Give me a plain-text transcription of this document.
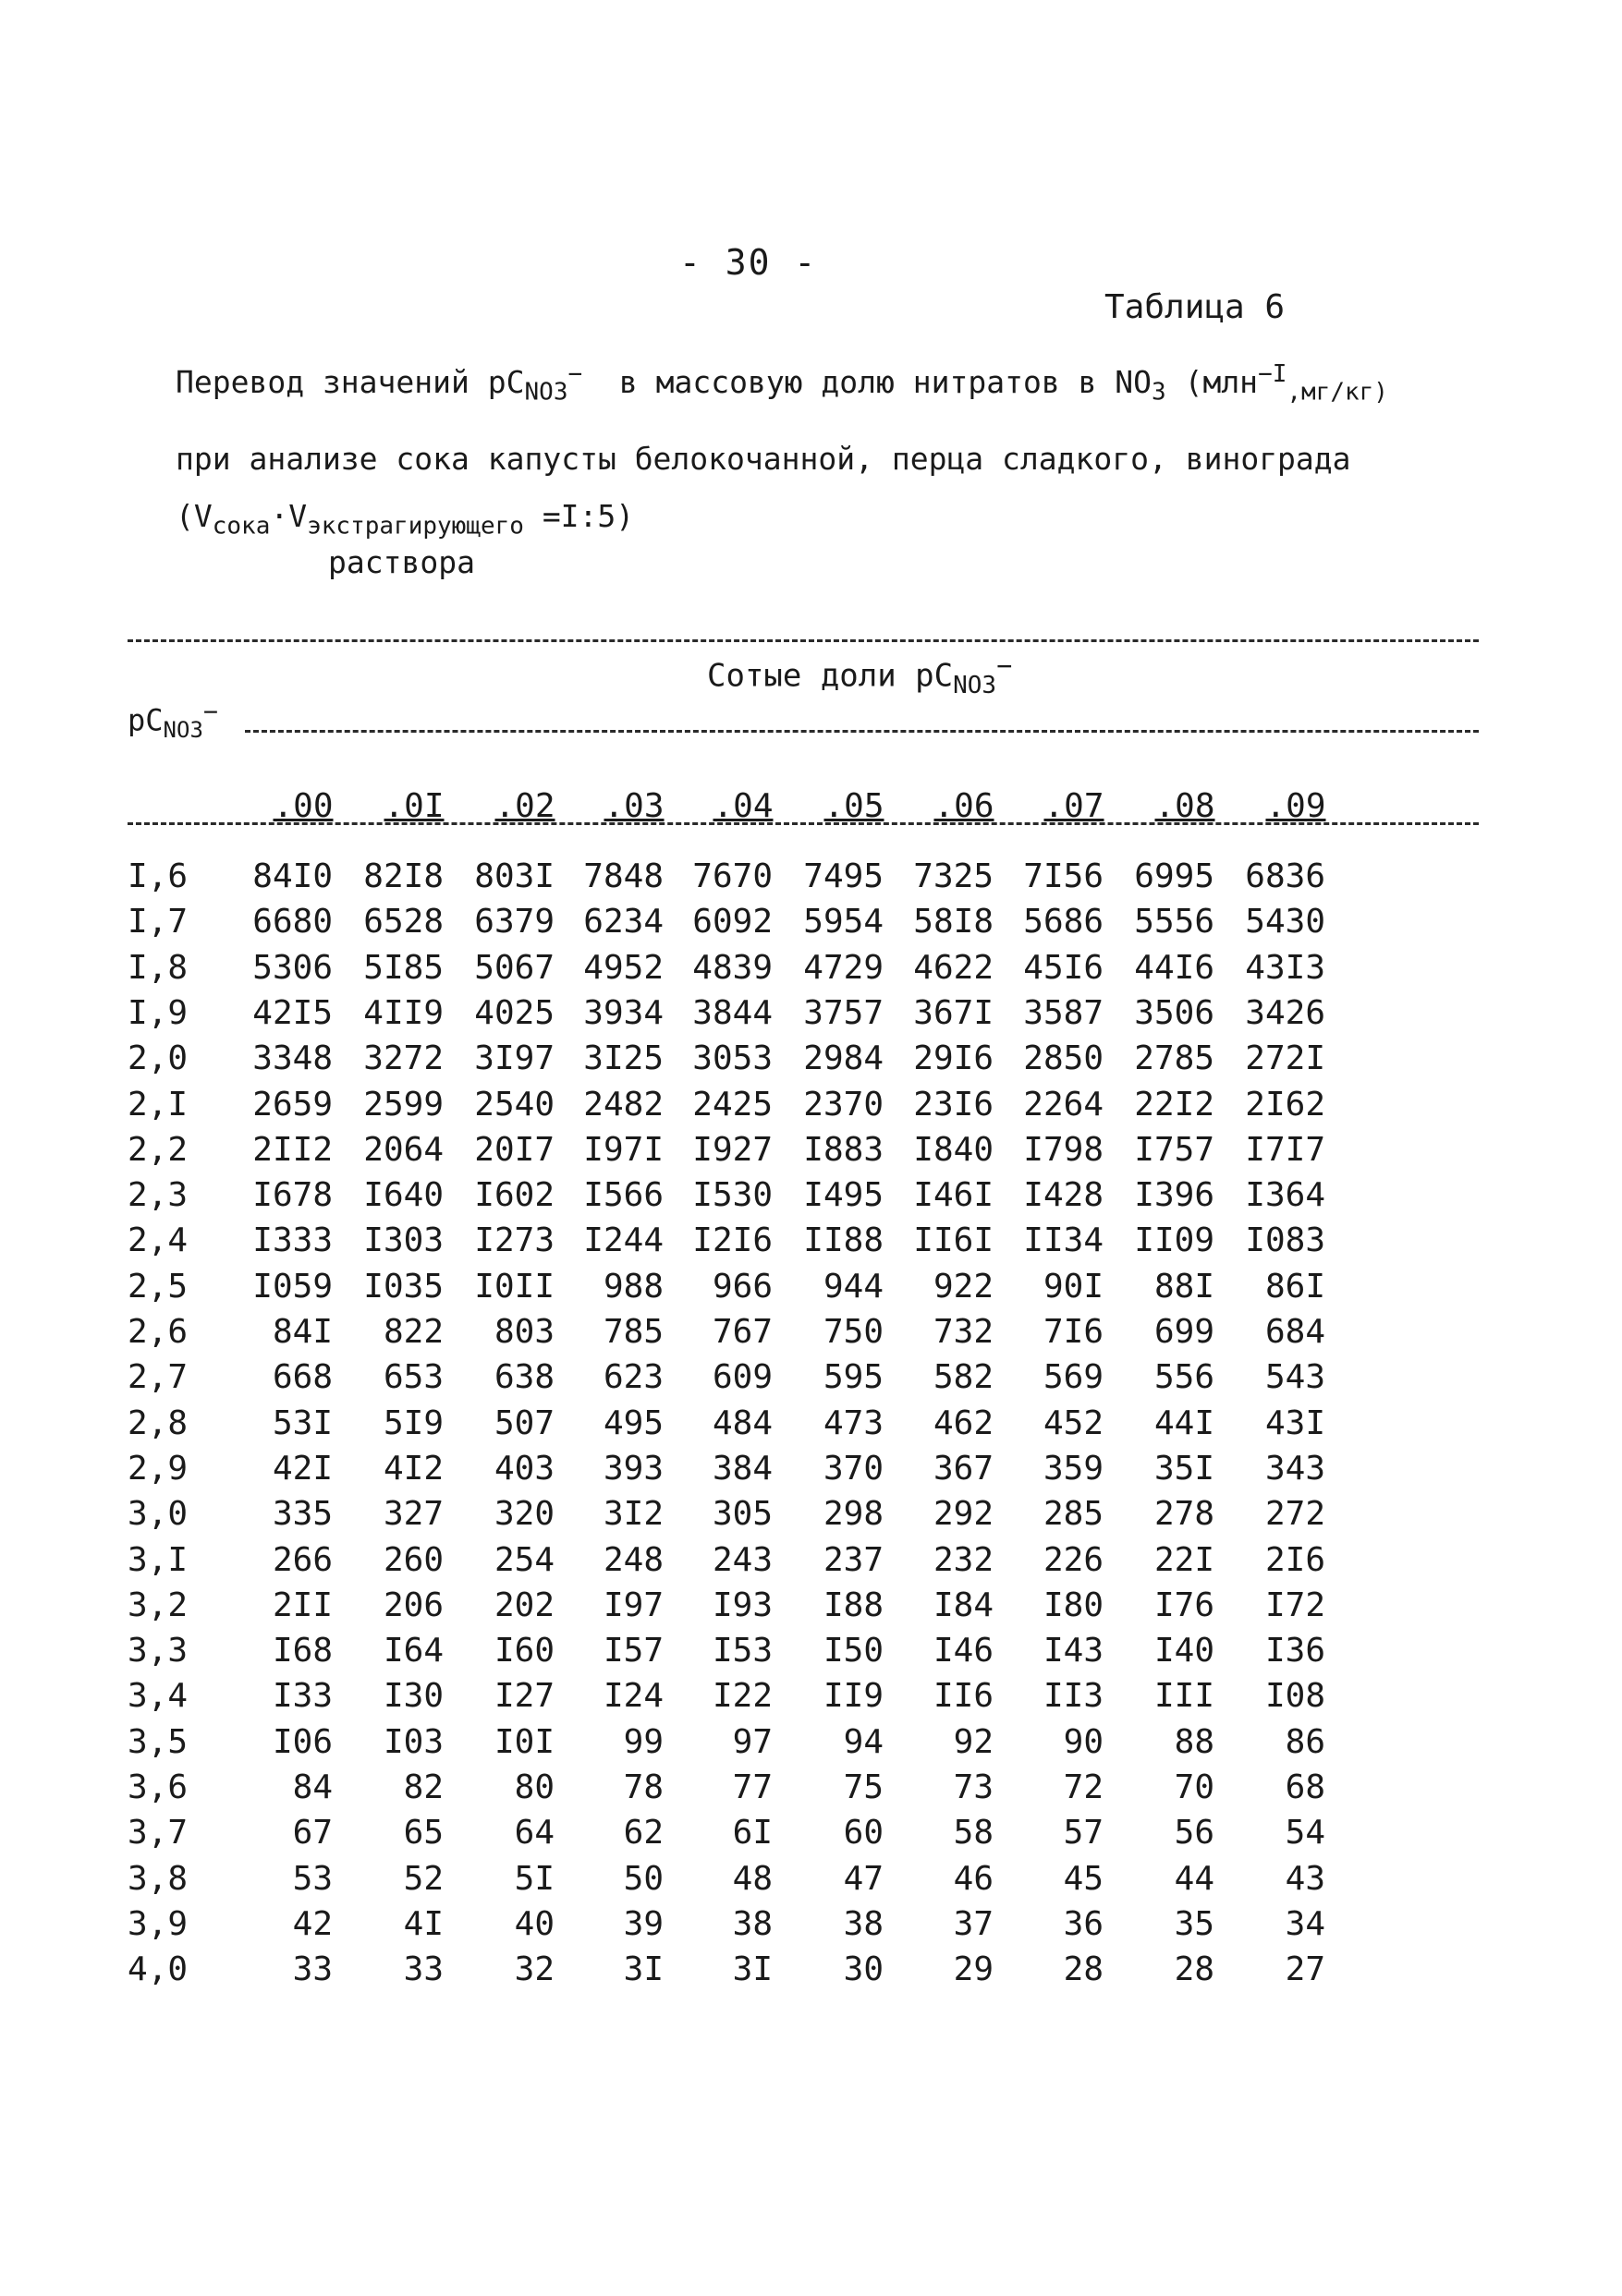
- 30 -
Таблица 6
Перевод значений $pC_{NO3}^-$ в массовую долю нитратов в $NO_3$ (млн$^{-I}_{,мг/кг)}$
при анализе сока капусты белокочанной, перца сладкого, винограда
($V_{сока}\cdot V_{экстрагирующего}$ =I:5)
раствора
Сотые доли $pC_{NO3}^-$
$pC_{NO3}^-$
.00 .0I .02 .03 .04 .05 .06 .07 .08 .09
I,6	84I0 82I8 803I 7848 7670 7495 7325 7I56 6995 6836
I,7	6680 6528 6379 6234 6092 5954 58I8 5686 5556 5430
I,8	5306 5I85 5067 4952 4839 4729 4622 45I6 44I6 43I3
I,9	42I5 4II9 4025 3934 3844 3757 367I 3587 3506 3426
2,0	3348 3272 3I97 3I25 3053 2984 29I6 2850 2785 272I
2,I	2659 2599 2540 2482 2425 2370 23I6 2264 22I2 2I62
2,2	2II2 2064 20I7 I97I I927 I883 I840 I798 I757 I7I7
2,3	I678 I640 I602 I566 I530 I495 I46I I428 I396 I364
2,4	I333 I303 I273 I244 I2I6 II88 II6I II34 II09 I083
2,5	I059 I035 I0II	988	966	944	922	90I	88I	86I
2,6	84I	822	803	785	767	750	732	7I6	699	684
2,7	668	653	638	623	609	595	582	569	556	543
2,8	53I	5I9	507	495	484	473	462	452	44I	43I
2,9	42I	4I2	403	393	384	370	367	359	35I	343
3,0	335	327	320	3I2	305	298	292	285	278	272
3,I	266	260	254	248	243	237	232	226	22I	2I6
3,2	2II	206	202	I97	I93	I88	I84	I80	I76	I72
3,3	I68	I64	I60	I57	I53	I50	I46	I43	I40	I36
3,4	I33	I30	I27	I24	I22	II9	II6	II3	III	I08
3,5	I06	I03	I0I	99	97	94	92	90	88	86
3,6	84	82	80	78	77	75	73	72	70	68
3,7	67	65	64	62	6I	60	58	57	56	54
3,8	53	52	5I	50	48	47	46	45	44	43
3,9	42	4I	40	39	38	38	37	36	35	34
4,0	33	33	32	3I	3I	30	29	28	28	27
